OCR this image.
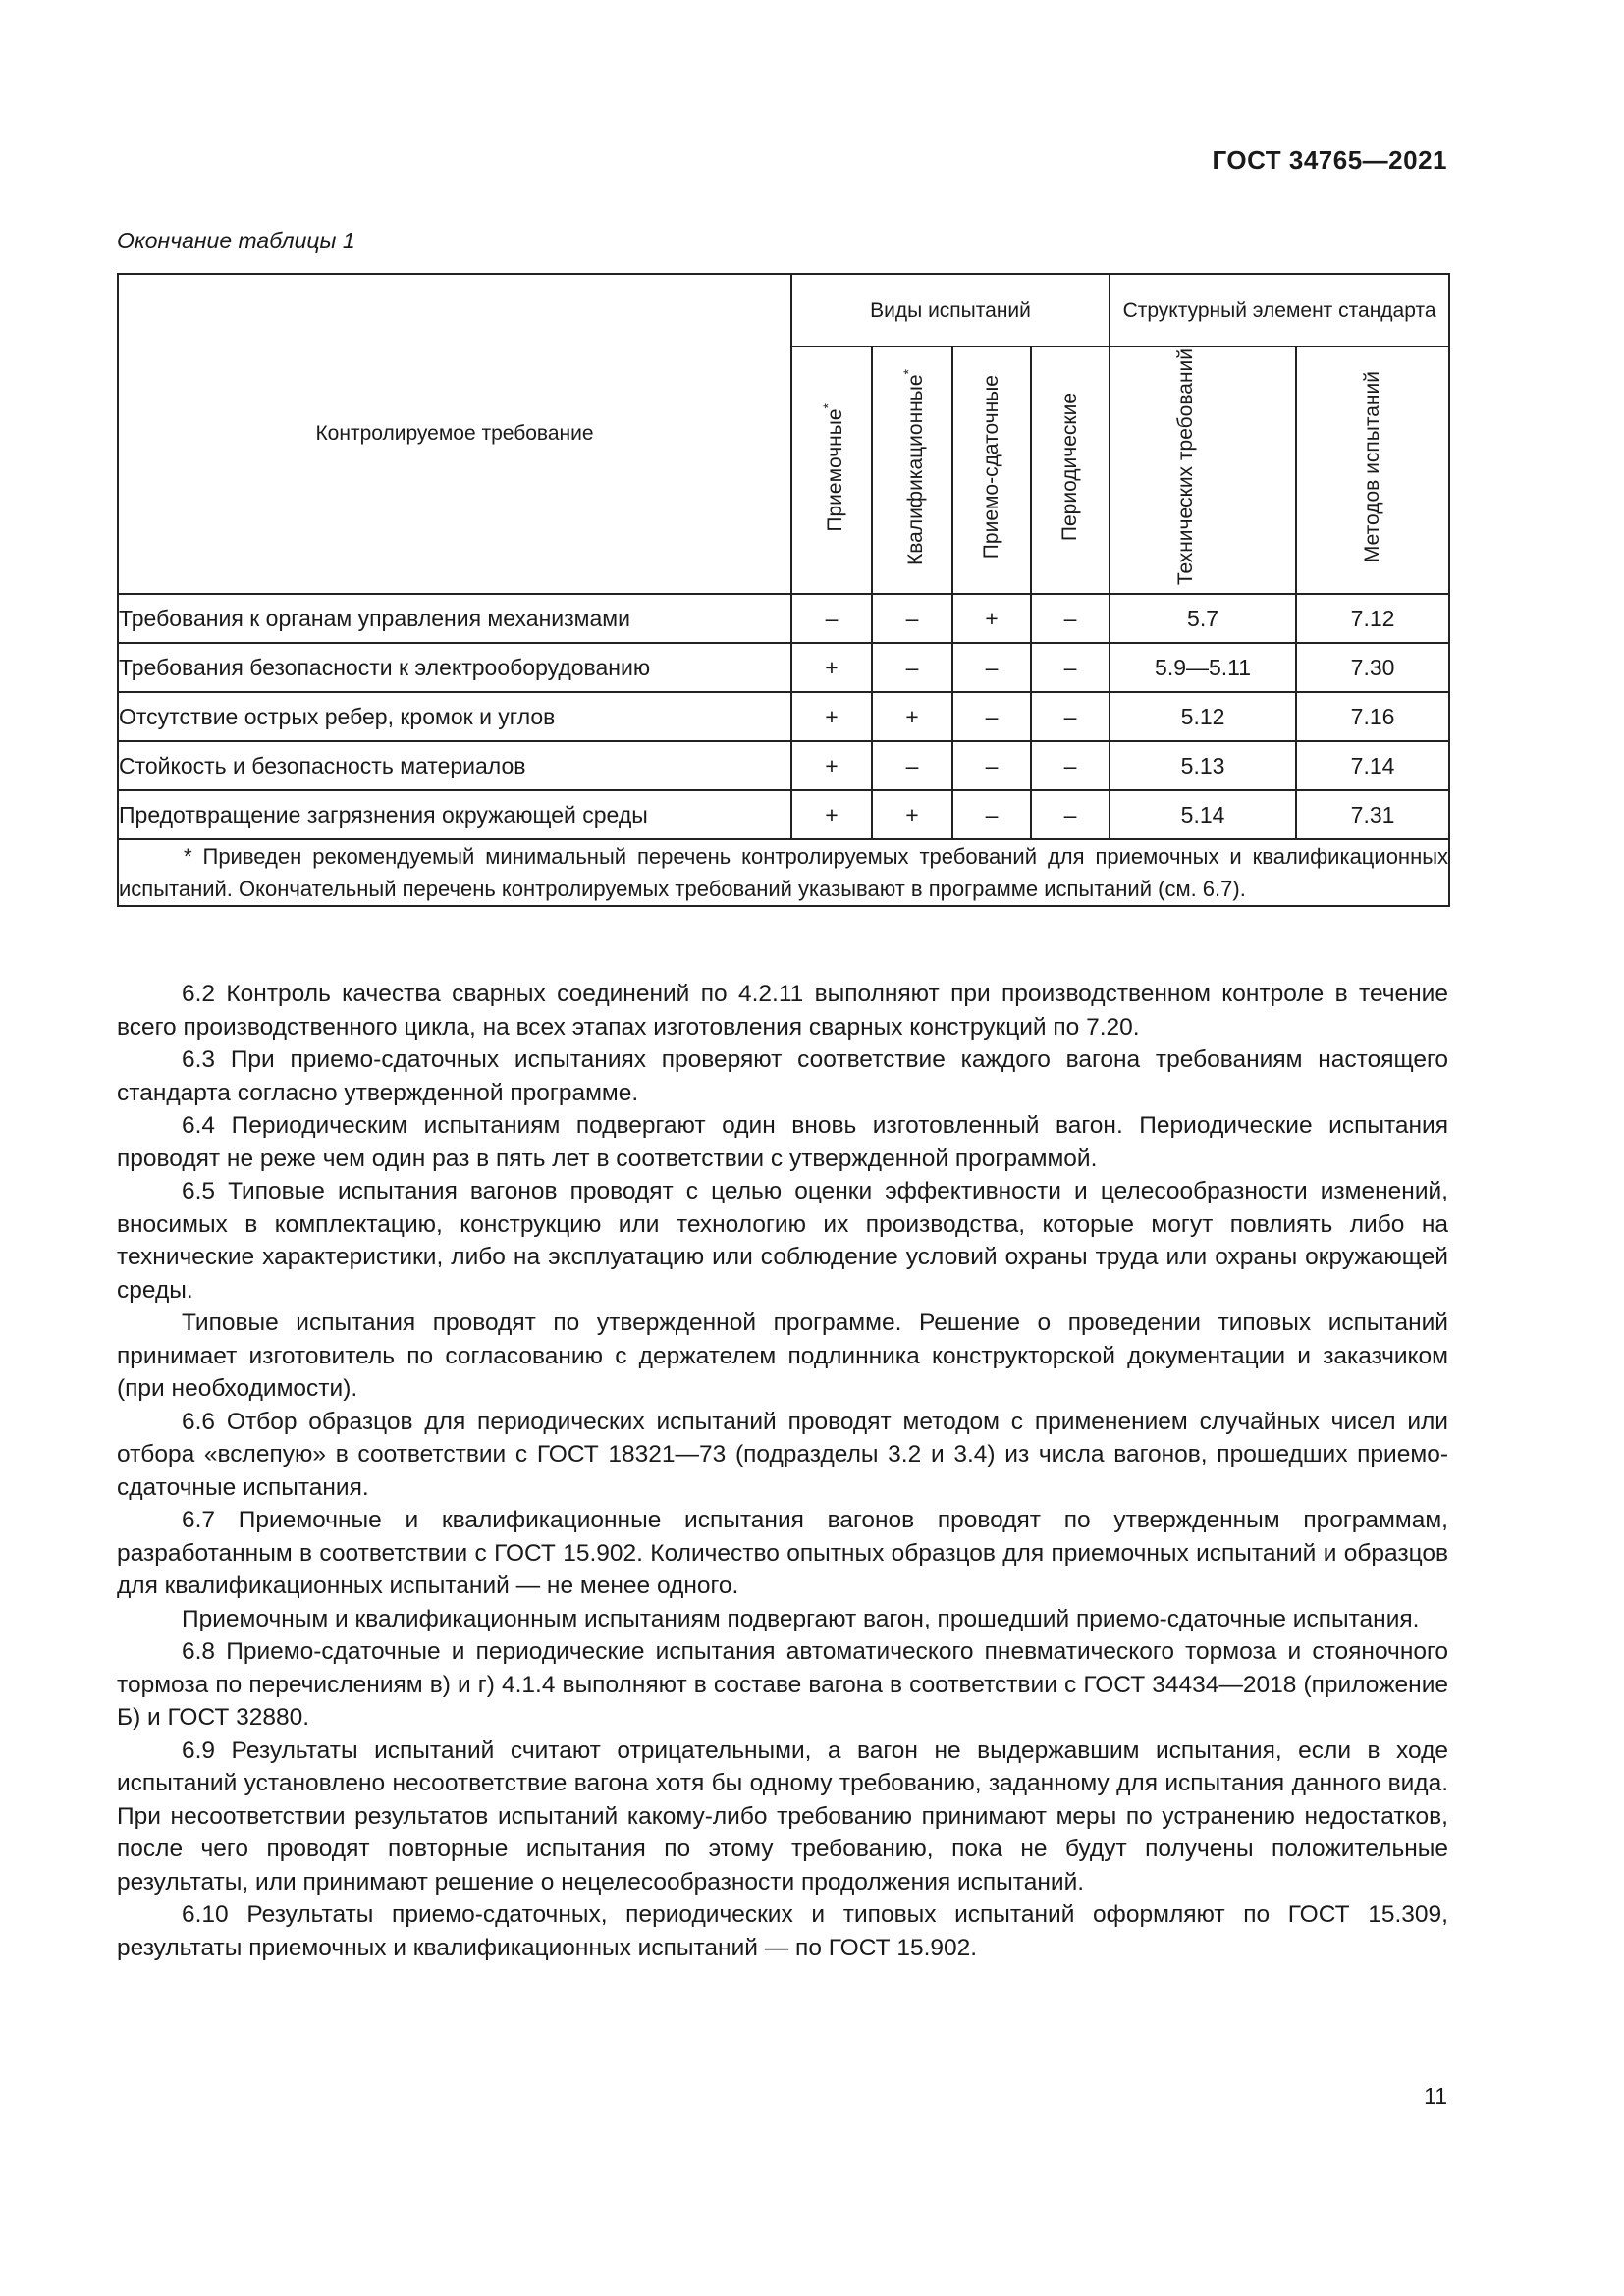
ГОСТ 34765—2021
Окончание таблицы 1
Контролируемое требование	Виды испытаний				Структурный элемент стандарта	
	Приемочные*	Квалификационные*	Приемо-сдаточные	Периодические	Технических требований	Методов испытаний
Требования к органам управления механизмами	–	–	+	–	5.7	7.12
Требования безопасности к электрооборудованию	+	–	–	–	5.9—5.11	7.30
Отсутствие острых ребер, кромок и углов	+	+	–	–	5.12	7.16
Стойкость и безопасность материалов	+	–	–	–	5.13	7.14
Предотвращение загрязнения окружающей среды	+	+	–	–	5.14	7.31
* Приведен рекомендуемый минимальный перечень контролируемых требований для приемочных и квалификационных испытаний. Окончательный перечень контролируемых требований указывают в программе испытаний (см. 6.7).						

6.2 Контроль качества сварных соединений по 4.2.11 выполняют при производственном контроле в течение всего производственного цикла, на всех этапах изготовления сварных конструкций по 7.20.

6.3 При приемо-сдаточных испытаниях проверяют соответствие каждого вагона требованиям настоящего стандарта согласно утвержденной программе.

6.4 Периодическим испытаниям подвергают один вновь изготовленный вагон. Периодические испытания проводят не реже чем один раз в пять лет в соответствии с утвержденной программой.

6.5 Типовые испытания вагонов проводят с целью оценки эффективности и целесообразности изменений, вносимых в комплектацию, конструкцию или технологию их производства, которые могут повлиять либо на технические характеристики, либо на эксплуатацию или соблюдение условий охраны труда или охраны окружающей среды.

Типовые испытания проводят по утвержденной программе. Решение о проведении типовых испытаний принимает изготовитель по согласованию с держателем подлинника конструкторской документации и заказчиком (при необходимости).

6.6 Отбор образцов для периодических испытаний проводят методом с применением случайных чисел или отбора «вслепую» в соответствии с ГОСТ 18321—73 (подразделы 3.2 и 3.4) из числа вагонов, прошедших приемо-сдаточные испытания.

6.7 Приемочные и квалификационные испытания вагонов проводят по утвержденным программам, разработанным в соответствии с ГОСТ 15.902. Количество опытных образцов для приемочных испытаний и образцов для квалификационных испытаний — не менее одного.

Приемочным и квалификационным испытаниям подвергают вагон, прошедший приемо-сдаточные испытания.

6.8 Приемо-сдаточные и периодические испытания автоматического пневматического тормоза и стояночного тормоза по перечислениям в) и г) 4.1.4 выполняют в составе вагона в соответствии с ГОСТ 34434—2018 (приложение Б) и ГОСТ 32880.

6.9 Результаты испытаний считают отрицательными, а вагон не выдержавшим испытания, если в ходе испытаний установлено несоответствие вагона хотя бы одному требованию, заданному для испытания данного вида. При несоответствии результатов испытаний какому-либо требованию принимают меры по устранению недостатков, после чего проводят повторные испытания по этому требованию, пока не будут получены положительные результаты, или принимают решение о нецелесообразности продолжения испытаний.

6.10 Результаты приемо-сдаточных, периодических и типовых испытаний оформляют по ГОСТ 15.309, результаты приемочных и квалификационных испытаний — по ГОСТ 15.902.

11
